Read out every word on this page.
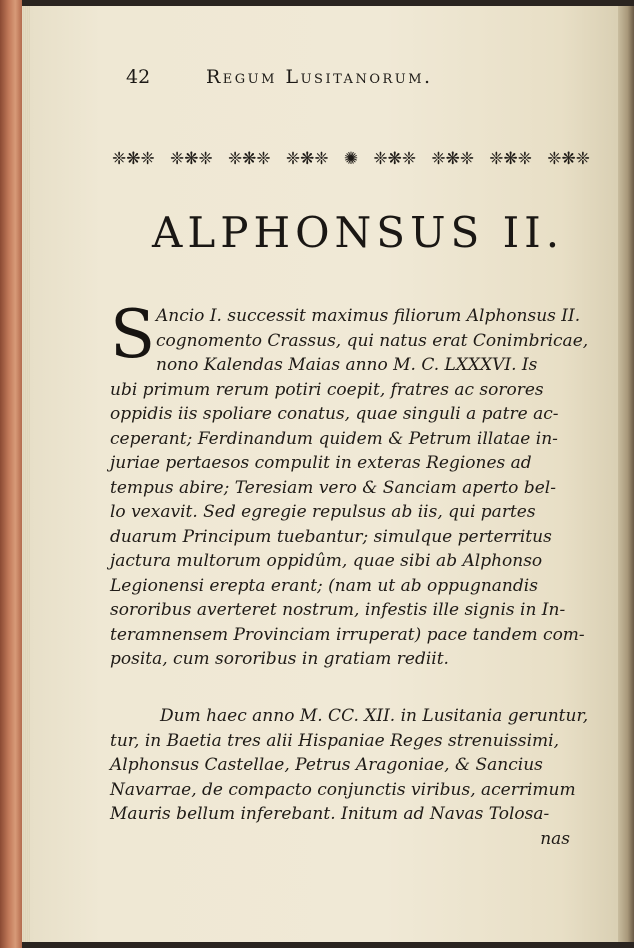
42	Regum Lusitanorum.
❈❋❈ ❈❋❈ ❈❋❈ ❈❋❈ ✺ ❈❋❈ ❈❋❈ ❈❋❈ ❈❋❈
ALPHONSUS II.
S Ancio I. successit maximus filiorum Alphonsus II.
cognomento Crassus, qui natus erat Conimbricae,
nono Kalendas Maias anno M. C. LXXXVI. Is
ubi primum rerum potiri coepit, fratres ac sorores
oppidis iis spoliare conatus, quae singuli a patre ac-
ceperant; Ferdinandum quidem & Petrum illatae in-
juriae pertaesos compulit in exteras Regiones ad
tempus abire; Teresiam vero & Sanciam aperto bel-
lo vexavit. Sed egregie repulsus ab iis, qui partes
duarum Principum tuebantur; simulque perterritus
jactura multorum oppidûm, quae sibi ab Alphonso
Legionensi erepta erant; (nam ut ab oppugnandis
sororibus averteret nostrum, infestis ille signis in In-
teramnensem Provinciam irruperat) pace tandem com-
posita, cum sororibus in gratiam rediit.
Dum haec anno M. CC. XII. in Lusitania geruntur,
tur, in Baetia tres alii Hispaniae Reges strenuissimi,
Alphonsus Castellae, Petrus Aragoniae, & Sancius
Navarrae, de compacto conjunctis viribus, acerrimum
Mauris bellum inferebant. Initum ad Navas Tolosa-
nas
